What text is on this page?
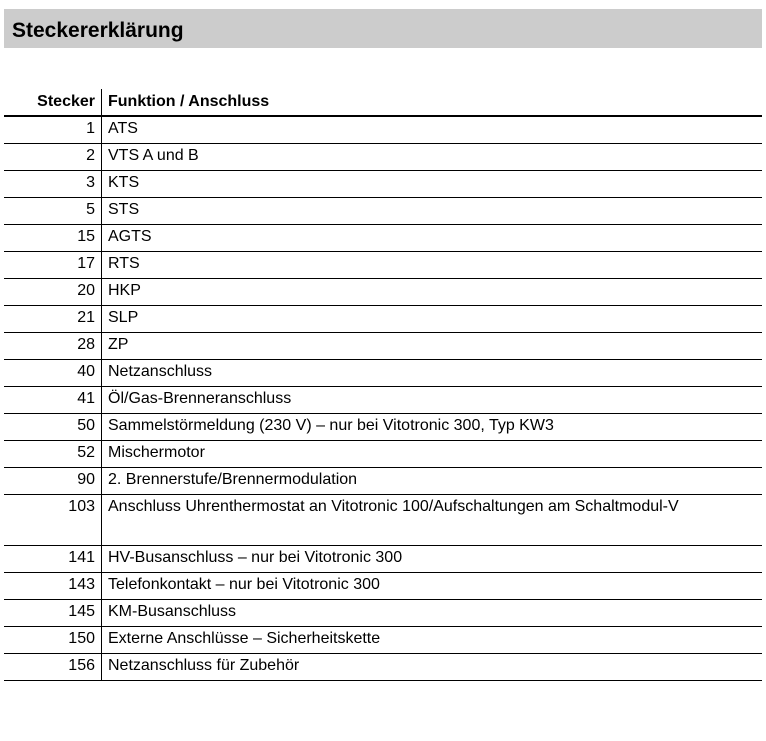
Steckererklärung
Stecker	Funktion / Anschluss
1	ATS
2	VTS A und B
3	KTS
5	STS
15	AGTS
17	RTS
20	HKP
21	SLP
28	ZP
40	Netzanschluss
41	Öl/Gas-Brenneranschluss
50	Sammelstörmeldung (230 V) – nur bei Vitotronic 300, Typ KW3
52	Mischermotor
90	2. Brennerstufe/Brennermodulation
103	Anschluss Uhrenthermostat an Vitotronic 100/Aufschaltungen am Schaltmodul-V
141	HV-Busanschluss – nur bei Vitotronic 300
143	Telefonkontakt – nur bei Vitotronic 300
145	KM-Busanschluss
150	Externe Anschlüsse – Sicherheitskette
156	Netzanschluss für Zubehör
